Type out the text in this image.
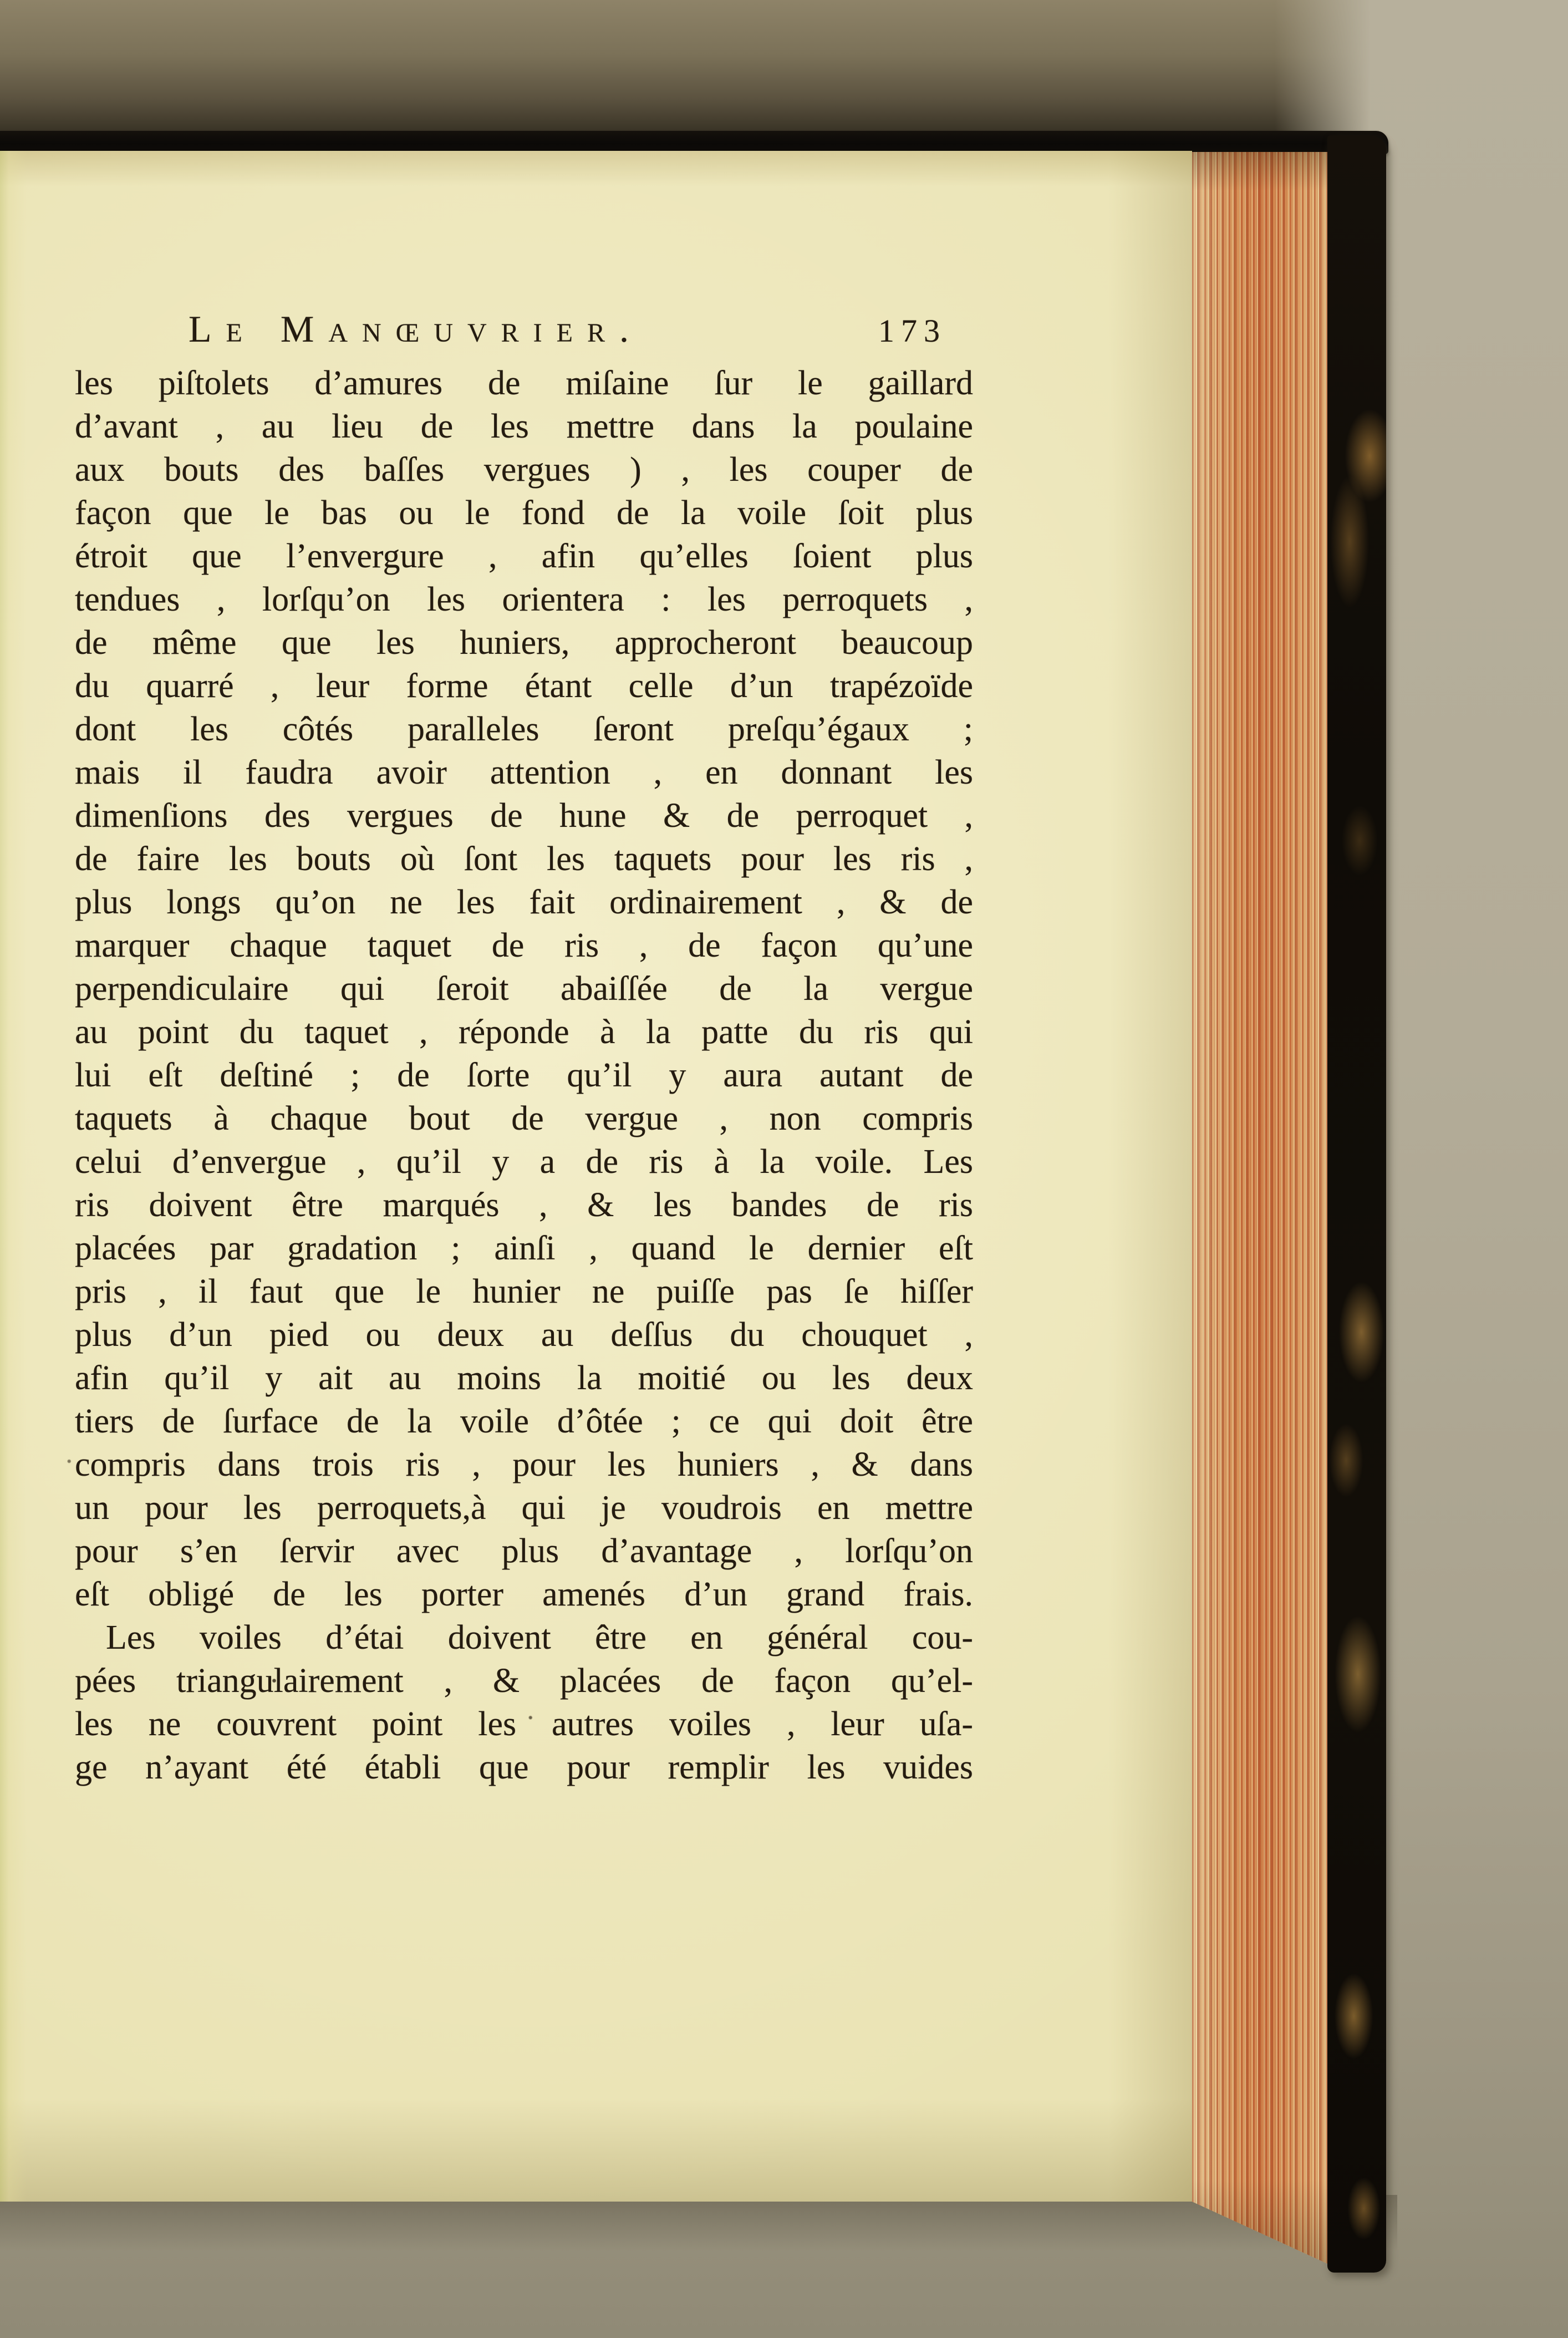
Le Manœuvrier.	173
les piſtolets d’amures de miſaine ſur le gaillard
d’avant , au lieu de les mettre dans la poulaine
aux bouts des baſſes vergues ) , les couper de
façon que le bas ou le fond de la voile ſoit plus
étroit que l’envergure , afin qu’elles ſoient plus
tendues , lorſqu’on les orientera : les perroquets ,
de même que les huniers, approcheront beaucoup
du quarré , leur forme étant celle d’un trapézoïde
dont les côtés paralleles ſeront preſqu’égaux ;
mais il faudra avoir attention , en donnant les
dimenſions des vergues de hune & de perroquet ,
de faire les bouts où ſont les taquets pour les ris ,
plus longs qu’on ne les fait ordinairement , & de
marquer chaque taquet de ris , de façon qu’une
perpendiculaire qui ſeroit abaiſſée de la vergue
au point du taquet , réponde à la patte du ris qui
lui eſt deſtiné ; de ſorte qu’il y aura autant de
taquets à chaque bout de vergue , non compris
celui d’envergue , qu’il y a de ris à la voile. Les
ris doivent être marqués , & les bandes de ris
placées par gradation ; ainſi , quand le dernier eſt
pris , il faut que le hunier ne puiſſe pas ſe hiſſer
plus d’un pied ou deux au deſſus du chouquet ,
afin qu’il y ait au moins la moitié ou les deux
tiers de ſurface de la voile d’ôtée ; ce qui doit être
compris dans trois ris , pour les huniers , & dans
un pour les perroquets,à qui je voudrois en mettre
pour s’en ſervir avec plus d’avantage , lorſqu’on
eſt obligé de les porter amenés d’un grand frais.
Les voiles d’étai doivent être en général cou-
pées triangulairement , & placées de façon qu’el-
les ne couvrent point les autres voiles , leur uſa-
ge n’ayant été établi que pour remplir les vuides
